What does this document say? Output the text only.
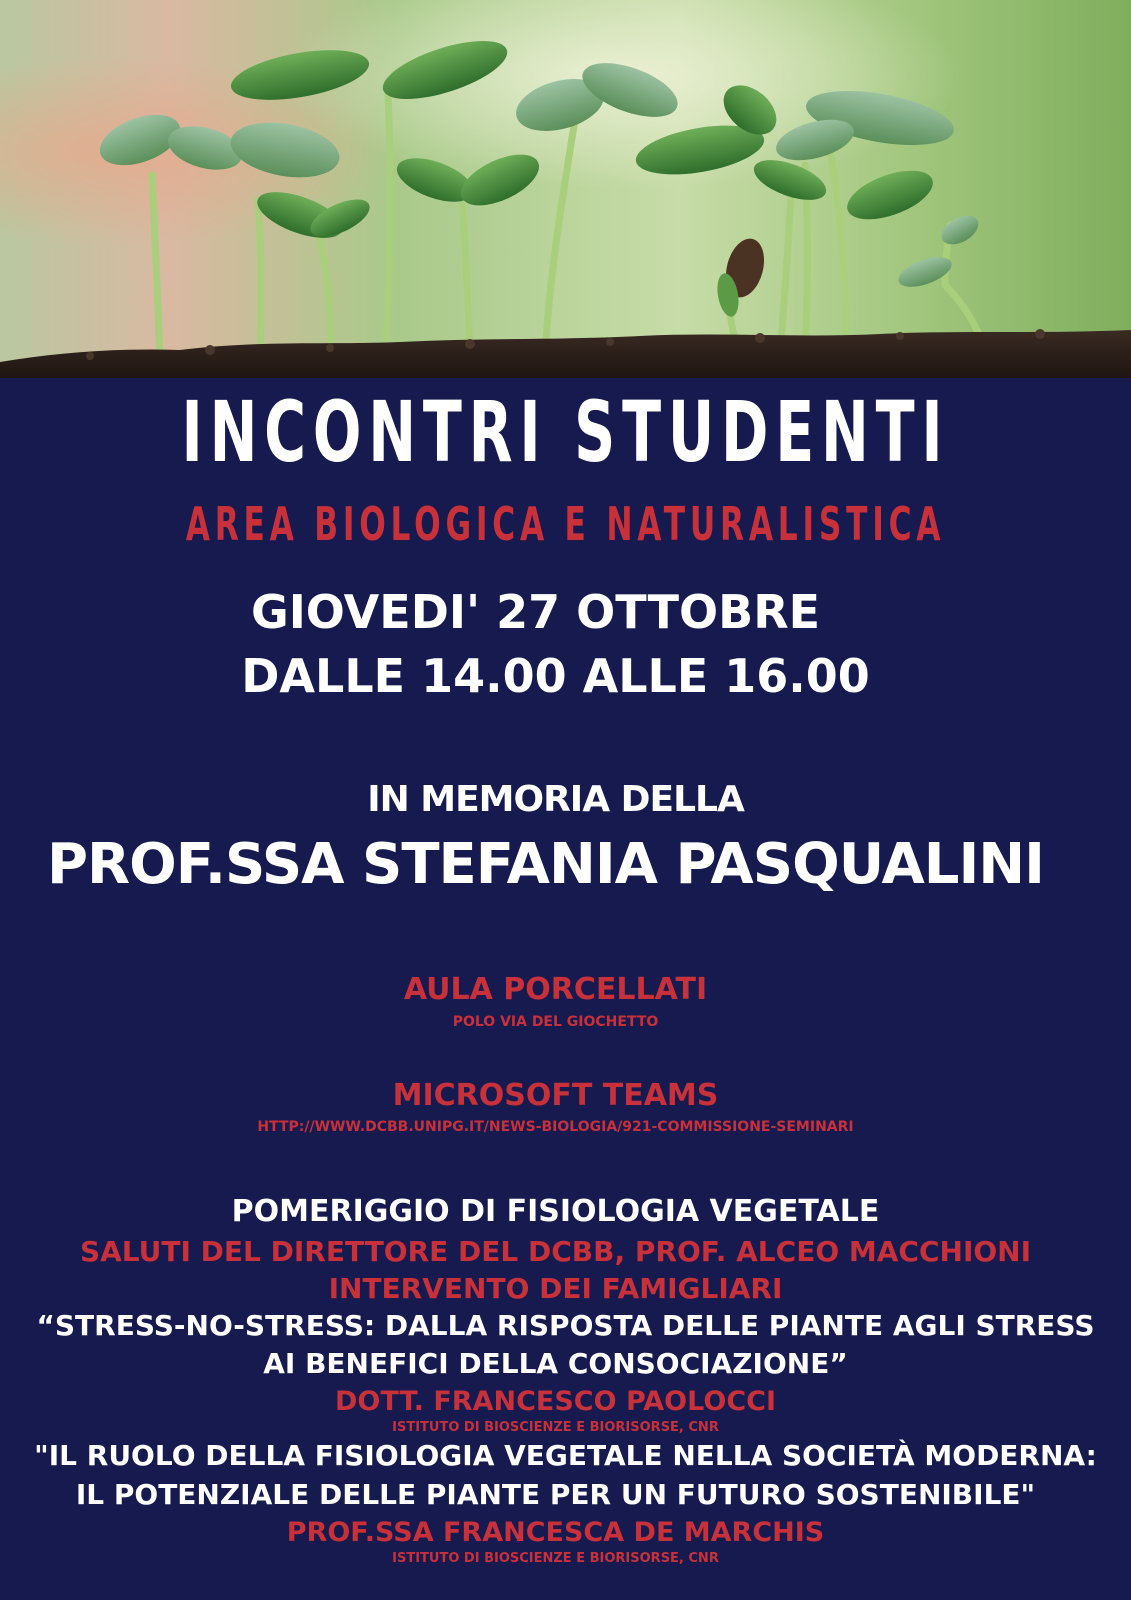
INCONTRI STUDENTI
AREA BIOLOGICA E NATURALISTICA
GIOVEDI' 27 OTTOBRE
DALLE 14.00 ALLE 16.00
IN MEMORIA DELLA
PROF.SSA STEFANIA PASQUALINI
AULA PORCELLATI
POLO VIA DEL GIOCHETTO
MICROSOFT TEAMS
HTTP://WWW.DCBB.UNIPG.IT/NEWS-BIOLOGIA/921-COMMISSIONE-SEMINARI
POMERIGGIO DI FISIOLOGIA VEGETALE
SALUTI DEL DIRETTORE DEL DCBB, PROF. ALCEO MACCHIONI
INTERVENTO DEI FAMIGLIARI
“STRESS-NO-STRESS: DALLA RISPOSTA DELLE PIANTE AGLI STRESS
AI BENEFICI DELLA CONSOCIAZIONE”
DOTT. FRANCESCO PAOLOCCI
ISTITUTO DI BIOSCIENZE E BIORISORSE, CNR
"IL RUOLO DELLA FISIOLOGIA VEGETALE NELLA SOCIETÀ MODERNA:
IL POTENZIALE DELLE PIANTE PER UN FUTURO SOSTENIBILE"
PROF.SSA FRANCESCA DE MARCHIS
ISTITUTO DI BIOSCIENZE E BIORISORSE, CNR
